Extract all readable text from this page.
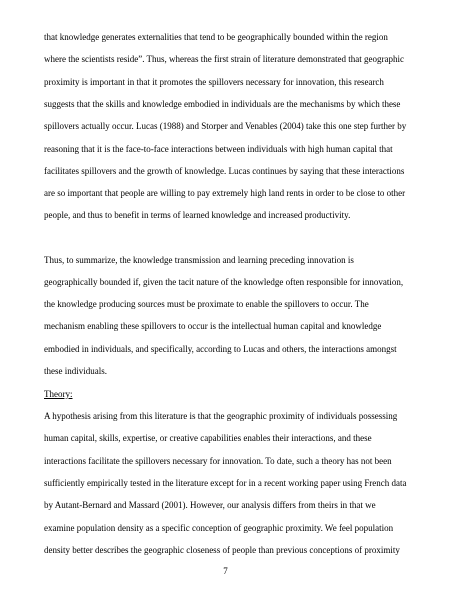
that knowledge generates externalities that tend to be geographically bounded within the region
where the scientists reside”. Thus, whereas the first strain of literature demonstrated that geographic
proximity is important in that it promotes the spillovers necessary for innovation, this research
suggests that the skills and knowledge embodied in individuals are the mechanisms by which these
spillovers actually occur. Lucas (1988) and Storper and Venables (2004) take this one step further by
reasoning that it is the face-to-face interactions between individuals with high human capital that
facilitates spillovers and the growth of knowledge. Lucas continues by saying that these interactions
are so important that people are willing to pay extremely high land rents in order to be close to other
people, and thus to benefit in terms of learned knowledge and increased productivity.
Thus, to summarize, the knowledge transmission and learning preceding innovation is
geographically bounded if, given the tacit nature of the knowledge often responsible for innovation,
the knowledge producing sources must be proximate to enable the spillovers to occur. The
mechanism enabling these spillovers to occur is the intellectual human capital and knowledge
embodied in individuals, and specifically, according to Lucas and others, the interactions amongst
these individuals.
Theory:
A hypothesis arising from this literature is that the geographic proximity of individuals possessing
human capital, skills, expertise, or creative capabilities enables their interactions, and these
interactions facilitate the spillovers necessary for innovation. To date, such a theory has not been
sufficiently empirically tested in the literature except for in a recent working paper using French data
by Autant-Bernard and Massard (2001). However, our analysis differs from theirs in that we
examine population density as a specific conception of geographic proximity. We feel population
density better describes the geographic closeness of people than previous conceptions of proximity
7
